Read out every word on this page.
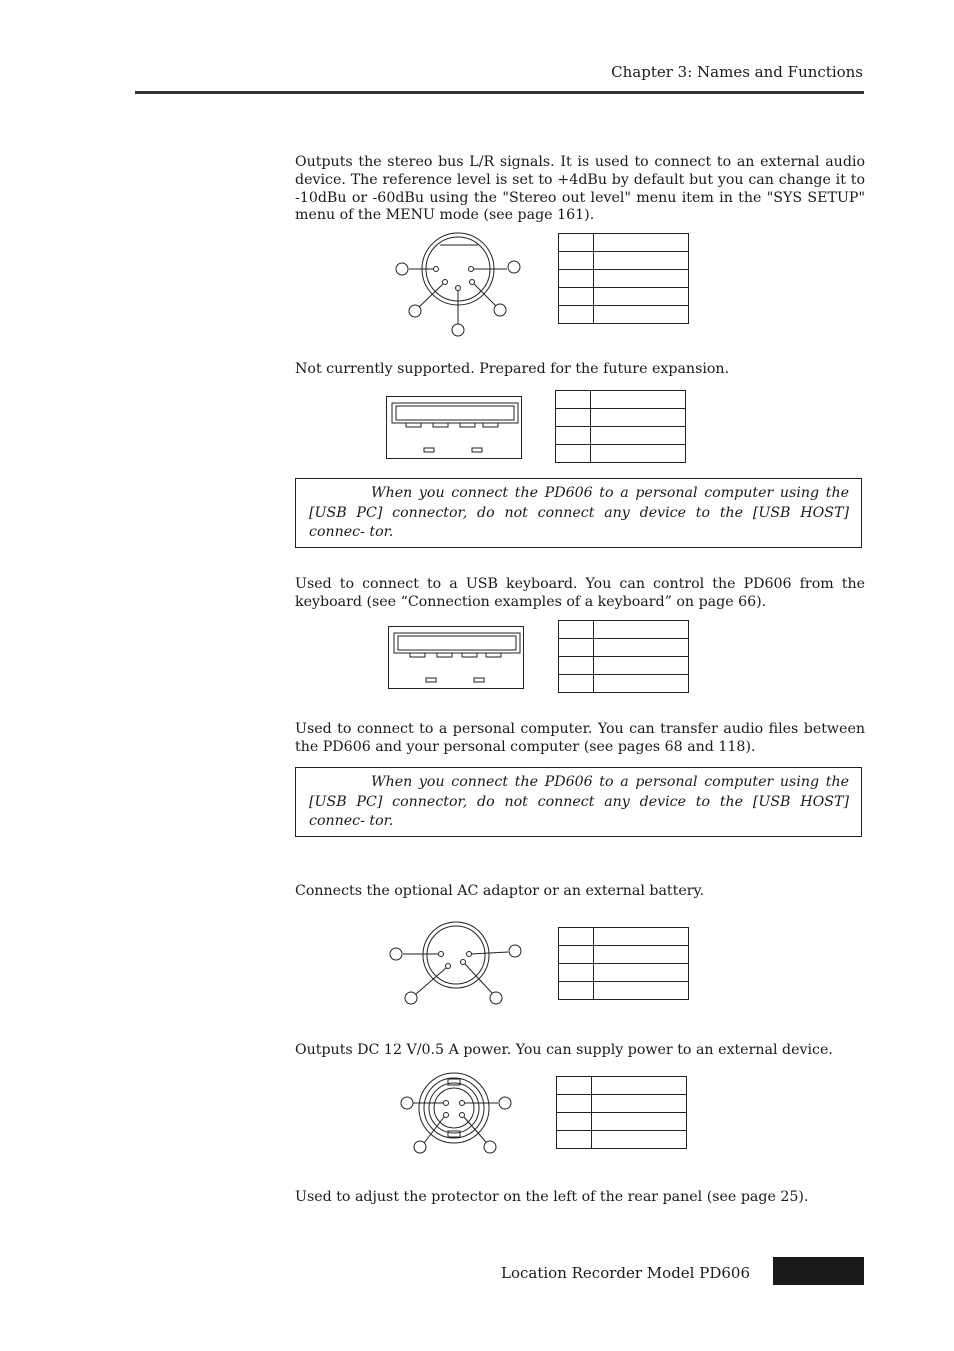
Chapter 3: Names and Functions
Outputs the stereo bus L/R signals. It is used to connect to an external audio device. The reference level is set to +4dBu by default but you can change it to -10dBu or -60dBu using the "Stereo out level" menu item in the "SYS SETUP" menu of the MENU mode (see page 161).

Not currently supported. Prepared for the future expansion.

When you connect the PD606 to a personal computer using the [USB PC] connector, do not connect any device to the [USB HOST] connec- tor.
Used to connect to a USB keyboard. You can control the PD606 from the keyboard (see “Connection examples of a keyboard” on page 66).

Used to connect to a personal computer. You can transfer audio files between the PD606 and your personal computer (see pages 68 and 118).
When you connect the PD606 to a personal computer using the [USB PC] connector, do not connect any device to the [USB HOST] connec- tor.
Connects the optional AC adaptor or an external battery.

Outputs DC 12 V/0.5 A power. You can supply power to an external device.

Used to adjust the protector on the left of the rear panel (see page 25).
Location Recorder Model PD606
